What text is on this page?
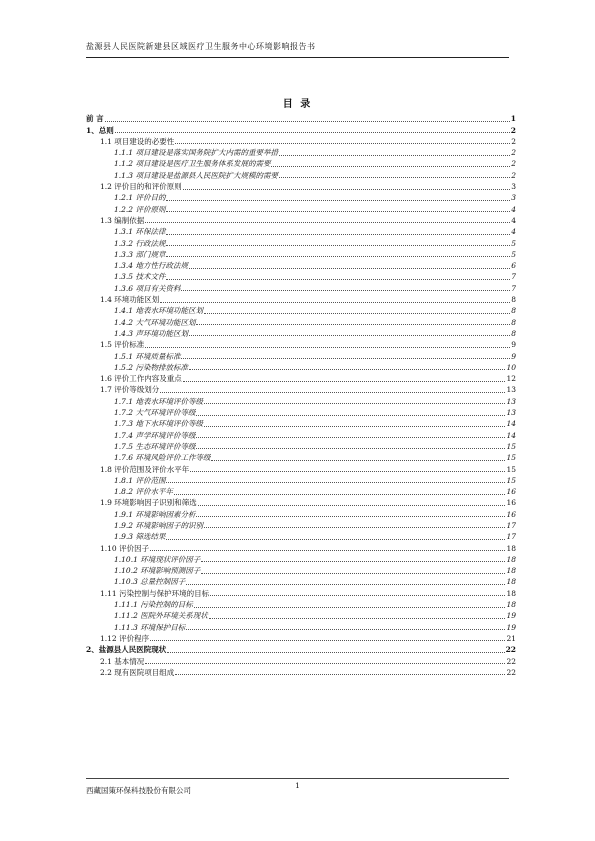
盐源县人民医院新建县区域医疗卫生服务中心环境影响报告书
目 录
前 言	1
1、总则	2
1.1 项目建设的必要性	2
1.1.1 项目建设是落实国务院扩大内需的重要举措	2
1.1.2 项目建设是医疗卫生服务体系发展的需要	2
1.1.3 项目建设是盐源县人民医院扩大规模的需要	2
1.2 评价目的和评价原则	3
1.2.1 评价目的	3
1.2.2 评价原则	4
1.3 编制依据	4
1.3.1 环保法律	4
1.3.2 行政法规	5
1.3.3 部门规章	5
1.3.4 地方性行政法规	6
1.3.5 技术文件	7
1.3.6 项目有关资料	7
1.4 环境功能区划	8
1.4.1 地表水环境功能区划	8
1.4.2 大气环境功能区划	8
1.4.3 声环境功能区划	8
1.5 评价标准	9
1.5.1 环境质量标准	9
1.5.2 污染物排放标准	10
1.6 评价工作内容及重点	12
1.7 评价等级划分	13
1.7.1 地表水环境评价等级	13
1.7.2 大气环境评价等级	13
1.7.3 地下水环境评价等级	14
1.7.4 声学环境评价等级	14
1.7.5 生态环境评价等级	15
1.7.6 环境风险评价工作等级	15
1.8 评价范围及评价水平年	15
1.8.1 评价范围	15
1.8.2 评价水平年	16
1.9 环境影响因子识别和筛选	16
1.9.1 环境影响因素分析	16
1.9.2 环境影响因子的识别	17
1.9.3 筛选结果	17
1.10 评价因子	18
1.10.1 环境现状评价因子	18
1.10.2 环境影响预测因子	18
1.10.3 总量控制因子	18
1.11 污染控制与保护环境的目标	18
1.11.1 污染控制的目标	18
1.11.2 医院外环境关系现状	19
1.11.3 环境保护目标	19
1.12 评价程序	21
2、盐源县人民医院现状	22
2.1 基本情况	22
2.2 现有医院项目组成	22
西藏国策环保科技股份有限公司
1
